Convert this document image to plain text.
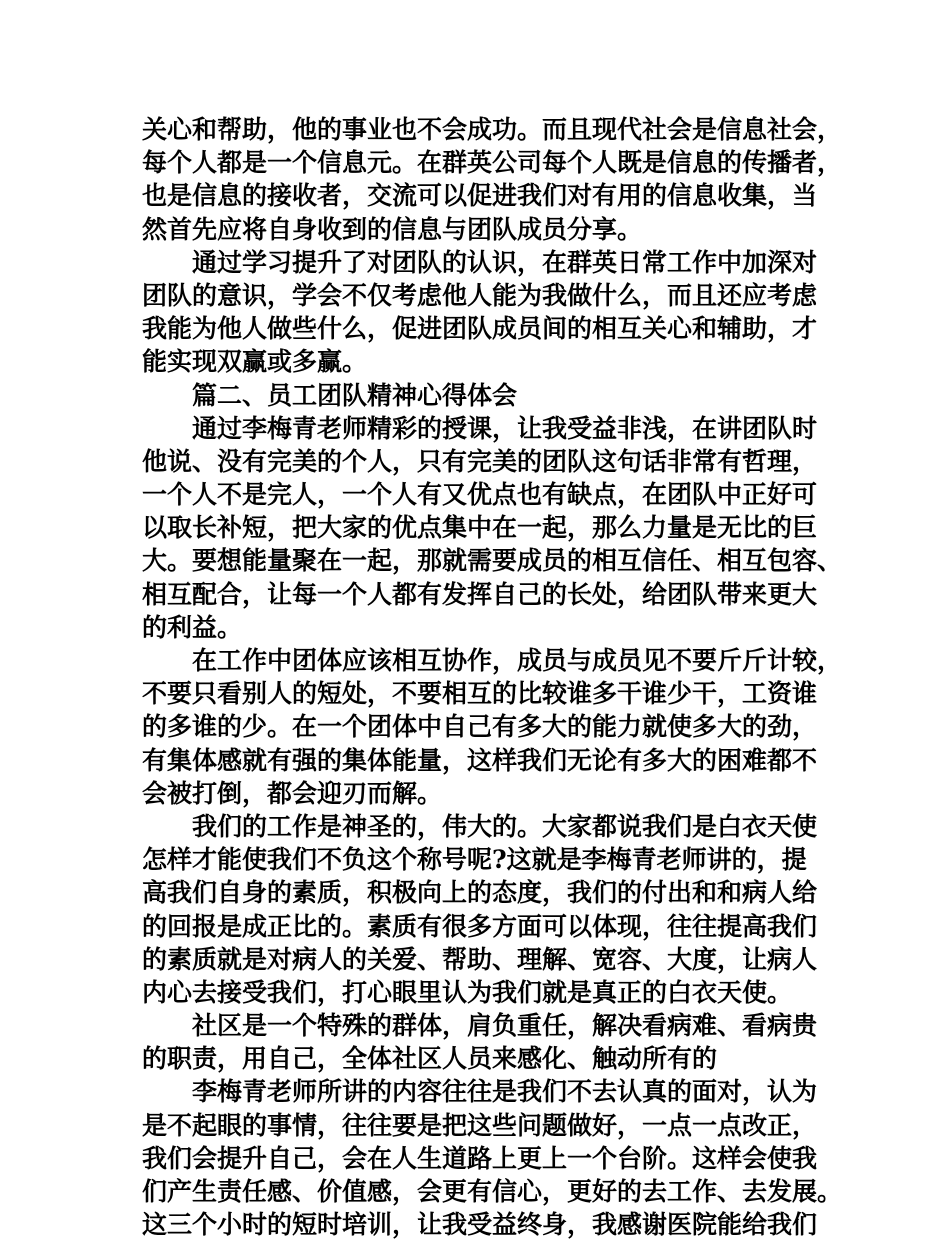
关心和帮助，他的事业也不会成功。而且现代社会是信息社会，
每个人都是一个信息元。在群英公司每个人既是信息的传播者，
也是信息的接收者，交流可以促进我们对有用的信息收集，当
然首先应将自身收到的信息与团队成员分享。
通过学习提升了对团队的认识，在群英日常工作中加深对
团队的意识，学会不仅考虑他人能为我做什么，而且还应考虑
我能为他人做些什么，促进团队成员间的相互关心和辅助，才
能实现双赢或多赢。
篇二、员工团队精神心得体会
通过李梅青老师精彩的授课，让我受益非浅，在讲团队时
他说、没有完美的个人，只有完美的团队这句话非常有哲理，
一个人不是完人，一个人有又优点也有缺点，在团队中正好可
以取长补短，把大家的优点集中在一起，那么力量是无比的巨
大。要想能量聚在一起，那就需要成员的相互信任、相互包容、
相互配合，让每一个人都有发挥自己的长处，给团队带来更大
的利益。
在工作中团体应该相互协作，成员与成员见不要斤斤计较，
不要只看别人的短处，不要相互的比较谁多干谁少干，工资谁
的多谁的少。在一个团体中自己有多大的能力就使多大的劲，
有集体感就有强的集体能量，这样我们无论有多大的困难都不
会被打倒，都会迎刃而解。
我们的工作是神圣的，伟大的。大家都说我们是白衣天使
怎样才能使我们不负这个称号呢?这就是李梅青老师讲的，提
高我们自身的素质，积极向上的态度，我们的付出和和病人给
的回报是成正比的。素质有很多方面可以体现，往往提高我们
的素质就是对病人的关爱、帮助、理解、宽容、大度，让病人
内心去接受我们，打心眼里认为我们就是真正的白衣天使。
社区是一个特殊的群体，肩负重任，解决看病难、看病贵
的职责，用自己，全体社区人员来感化、触动所有的
李梅青老师所讲的内容往往是我们不去认真的面对，认为
是不起眼的事情，往往要是把这些问题做好，一点一点改正，
我们会提升自己，会在人生道路上更上一个台阶。这样会使我
们产生责任感、价值感，会更有信心，更好的去工作、去发展。
这三个小时的短时培训，让我受益终身，我感谢医院能给我们
